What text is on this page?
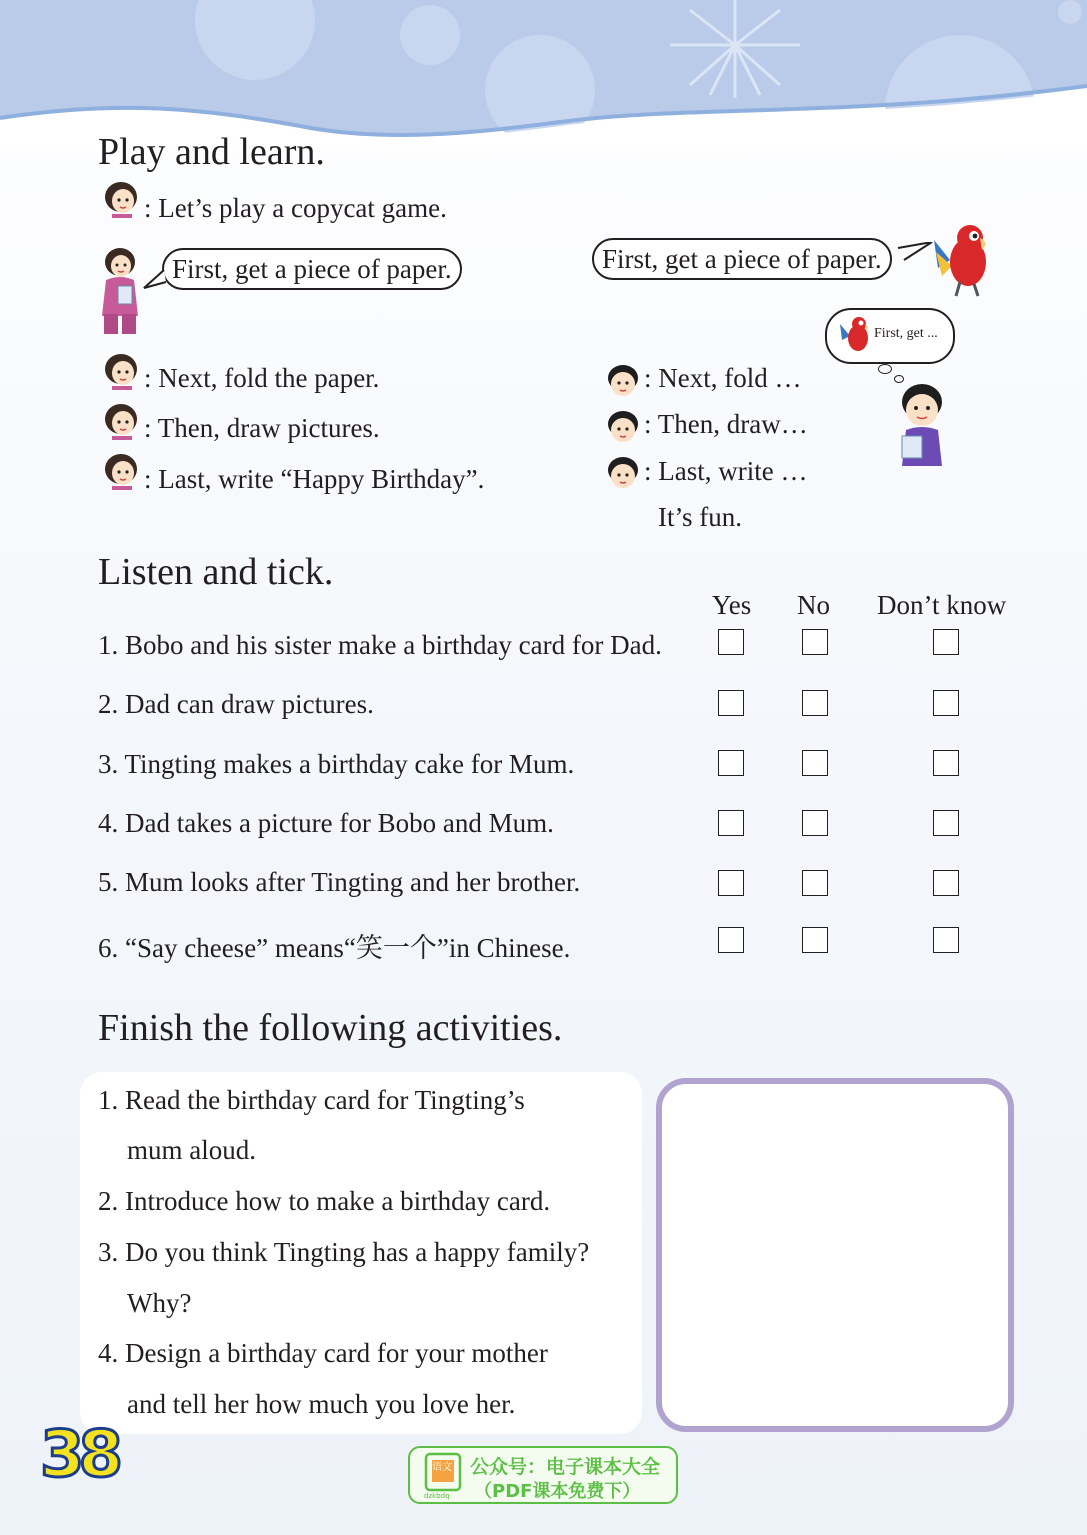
Play and learn.
: Let’s play a copycat game.
First, get a piece of paper.	First, get a piece of paper.
First, get ...
: Next, fold the paper.
: Then, draw pictures.
: Last, write “Happy Birthday”.
: Next, fold …
: Then, draw…
: Last, write …
It’s fun.
Listen and tick.
Yes No Don’t know
1. Bobo and his sister make a birthday card for Dad.
2. Dad can draw pictures.
3. Tingting makes a birthday cake for Mum.
4. Dad takes a picture for Bobo and Mum.
5. Mum looks after Tingting and her brother.
6. “Say cheese” means“笑一个”in Chinese.
Finish the following activities.
1. Read the birthday card for Tingting’s
mum aloud.
2. Introduce how to make a birthday card.
3. Do you think Tingting has a happy family?
Why?
4. Design a birthday card for your mother
and tell her how much you love her.
38	语文
dzkbdq
公众号：电子课本大全
（PDF课本免费下）
